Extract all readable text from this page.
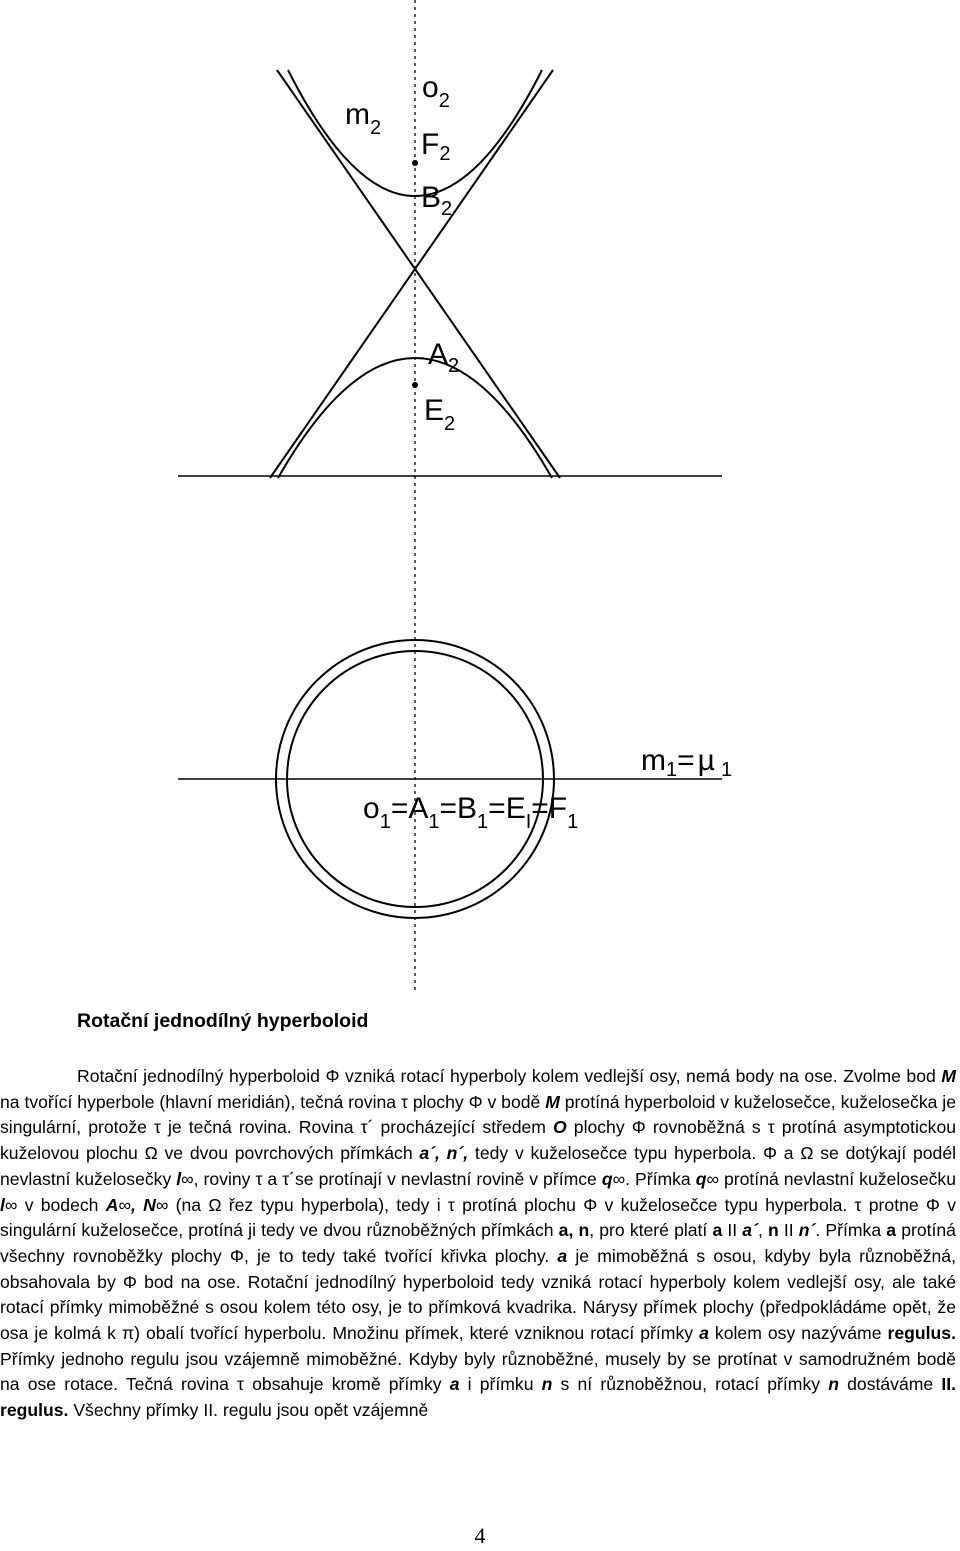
m2
o2
F2
B2
A2
E2
m1= µ 1
o1=A1=B1=EI=F1
Rotační jednodílný hyperboloid

Rotační jednodílný hyperboloid Φ vzniká rotací hyperboly kolem vedlejší osy, nemá body na ose. Zvolme bod M na tvořící hyperbole (hlavní meridián), tečná rovina τ plochy Φ v bodě M protíná hyperboloid v kuželosečce, kuželosečka je singulární, protože τ je tečná rovina. Rovina τ´ procházející středem O plochy Φ rovnoběžná s τ protíná asymptotickou kuželovou plochu Ω ve dvou povrchových přímkách a´, n´, tedy v kuželosečce typu hyperbola. Φ a Ω se dotýkají podél nevlastní kuželosečky l∞, roviny τ a τ´se protínají v nevlastní rovině v přímce q∞. Přímka q∞ protíná nevlastní kuželosečku l∞ v bodech A∞, N∞ (na Ω řez typu hyperbola), tedy i τ protíná plochu Φ v kuželosečce typu hyperbola. τ protne Φ v singulární kuželosečce, protíná ji tedy ve dvou různoběžných přímkách a, n, pro které platí a II a´, n II n´. Přímka a protíná všechny rovnoběžky plochy Φ, je to tedy také tvořící křivka plochy. a je mimoběžná s osou, kdyby byla různoběžná, obsahovala by Φ bod na ose. Rotační jednodílný hyperboloid tedy vzniká rotací hyperboly kolem vedlejší osy, ale také rotací přímky mimoběžné s osou kolem této osy, je to přímková kvadrika. Nárysy přímek plochy (předpokládáme opět, že osa je kolmá k π) obalí tvořící hyperbolu. Množinu přímek, které vzniknou rotací přímky a kolem osy nazýváme regulus. Přímky jednoho regulu jsou vzájemně mimoběžné. Kdyby byly různoběžné, musely by se protínat v samodružném bodě na ose rotace. Tečná rovina τ obsahuje kromě přímky a i přímku n s ní různoběžnou, rotací přímky n dostáváme II. regulus. Všechny přímky II. regulu jsou opět vzájemně

4
